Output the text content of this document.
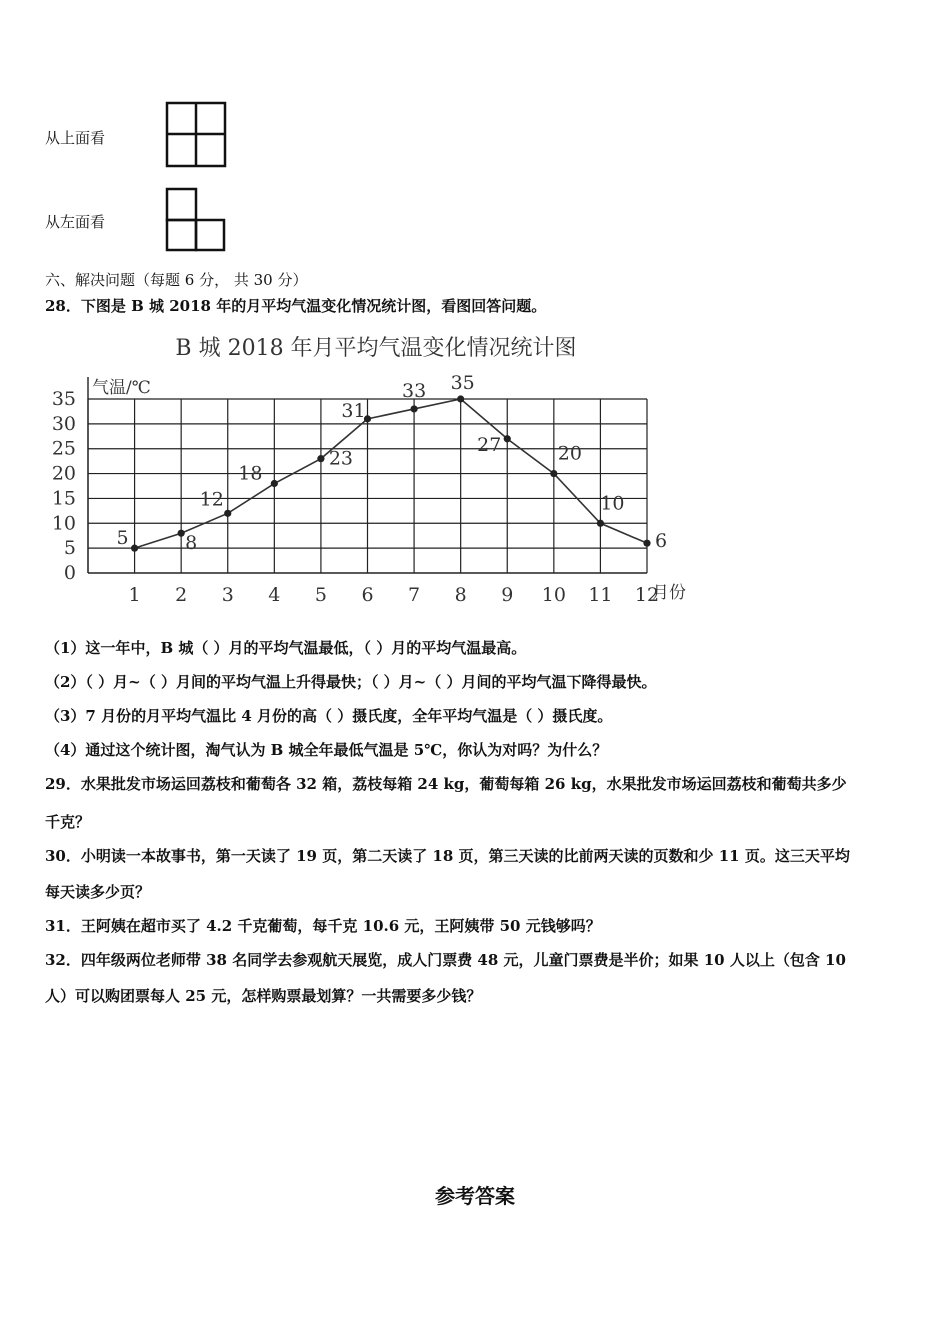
从上面看
从左面看
六、解决问题（每题 6 分， 共 30 分）
28．下图是 B 城 2018 年的月平均气温变化情况统计图，看图回答问题。
B 城 2018 年月平均气温变化情况统计图
气温/℃
月份
0
5
10
15
20
25
30
35
1 2 3 4 5 6 7 8 9 10 11 12
5	8
12
18
23
31
33 35
27	20
10
6
（1）这一年中，B 城（ ）月的平均气温最低，（ ）月的平均气温最高。
（2）（ ）月~（ ）月间的平均气温上升得最快；（ ）月~（ ）月间的平均气温下降得最快。
（3）7 月份的月平均气温比 4 月份的高（ ）摄氏度，全年平均气温是（ ）摄氏度。
（4）通过这个统计图，淘气认为 B 城全年最低气温是 5℃，你认为对吗？为什么？
29．水果批发市场运回荔枝和葡萄各 32 箱，荔枝每箱 24 kg，葡萄每箱 26 kg，水果批发市场运回荔枝和葡萄共多少
千克？
30．小明读一本故事书，第一天读了 19 页，第二天读了 18 页，第三天读的比前两天读的页数和少 11 页。这三天平均
每天读多少页？
31．王阿姨在超市买了 4.2 千克葡萄，每千克 10.6 元，王阿姨带 50 元钱够吗？
32．四年级两位老师带 38 名同学去参观航天展览，成人门票费 48 元，儿童门票费是半价；如果 10 人以上（包含 10
人）可以购团票每人 25 元，怎样购票最划算？一共需要多少钱？
参考答案
